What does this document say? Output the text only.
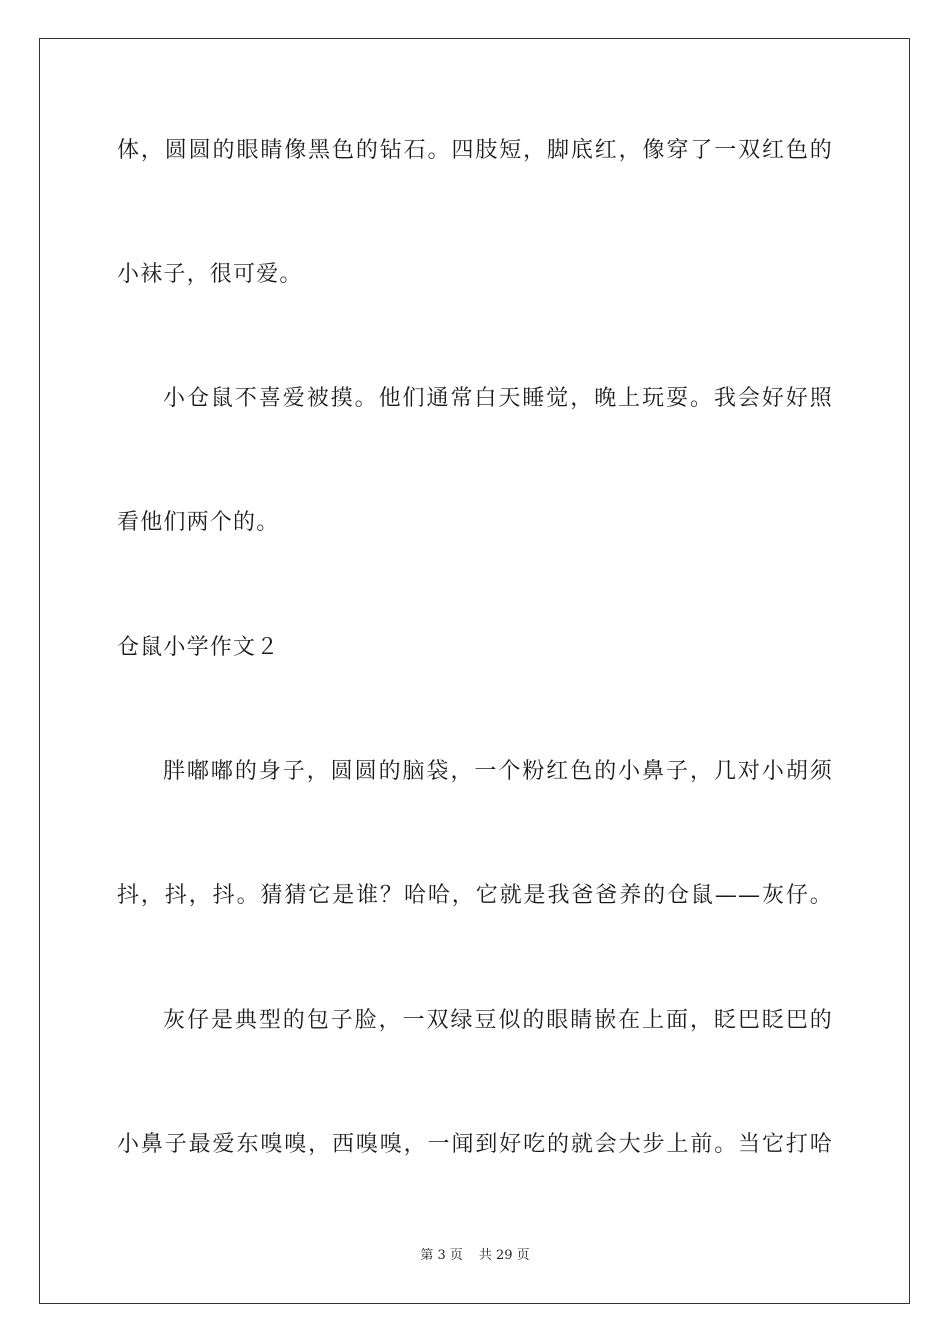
体，圆圆的眼睛像黑色的钻石。四肢短，脚底红，像穿了一双红色的
小袜子，很可爱。
小仓鼠不喜爱被摸。他们通常白天睡觉，晚上玩耍。我会好好照
看他们两个的。
仓鼠小学作文２
胖嘟嘟的身子，圆圆的脑袋，一个粉红色的小鼻子，几对小胡须
抖，抖，抖。猜猜它是谁？哈哈，它就是我爸爸养的仓鼠——灰仔。
灰仔是典型的包子脸，一双绿豆似的眼睛嵌在上面，眨巴眨巴的
小鼻子最爱东嗅嗅，西嗅嗅，一闻到好吃的就会大步上前。当它打哈
第 3 页 共 29 页
